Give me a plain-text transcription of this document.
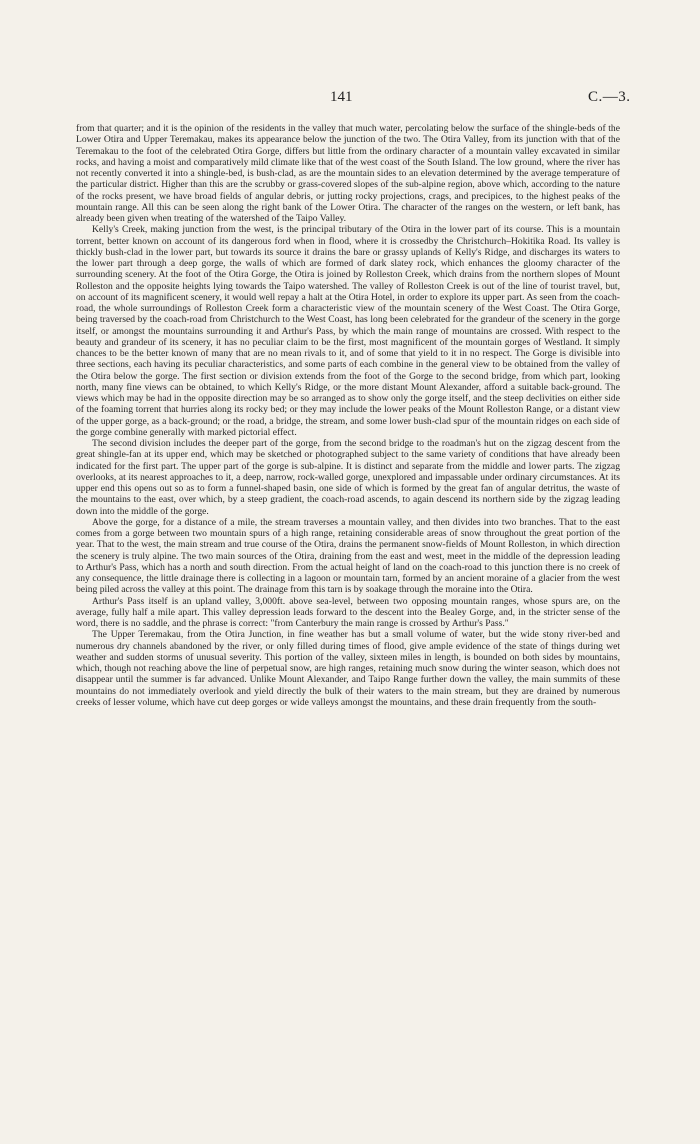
141	C.—3.

from that quarter; and it is the opinion of the residents in the valley that much water, percolating below the surface of the shingle-beds of the Lower Otira and Upper Teremakau, makes its appearance below the junction of the two. The Otira Valley, from its junction with that of the Teremakau to the foot of the celebrated Otira Gorge, differs but little from the ordinary character of a mountain valley excavated in similar rocks, and having a moist and comparatively mild climate like that of the west coast of the South Island. The low ground, where the river has not recently converted it into a shingle-bed, is bush-clad, as are the mountain sides to an elevation determined by the average temperature of the particular district. Higher than this are the scrubby or grass-covered slopes of the sub-alpine region, above which, according to the nature of the rocks present, we have broad fields of angular debris, or jutting rocky projections, crags, and precipices, to the highest peaks of the mountain range. All this can be seen along the right bank of the Lower Otira. The character of the ranges on the western, or left bank, has already been given when treating of the watershed of the Taipo Valley.

Kelly's Creek, making junction from the west, is the principal tributary of the Otira in the lower part of its course. This is a mountain torrent, better known on account of its dangerous ford when in flood, where it is crossedby the Christchurch–Hokitika Road. Its valley is thickly bush-clad in the lower part, but towards its source it drains the bare or grassy uplands of Kelly's Ridge, and discharges its waters to the lower part through a deep gorge, the walls of which are formed of dark slatey rock, which enhances the gloomy character of the surrounding scenery. At the foot of the Otira Gorge, the Otira is joined by Rolleston Creek, which drains from the northern slopes of Mount Rolleston and the opposite heights lying towards the Taipo watershed. The valley of Rolleston Creek is out of the line of tourist travel, but, on account of its magnificent scenery, it would well repay a halt at the Otira Hotel, in order to explore its upper part. As seen from the coach-road, the whole surroundings of Rolleston Creek form a characteristic view of the mountain scenery of the West Coast. The Otira Gorge, being traversed by the coach-road from Christchurch to the West Coast, has long been celebrated for the grandeur of the scenery in the gorge itself, or amongst the mountains surrounding it and Arthur's Pass, by which the main range of mountains are crossed. With respect to the beauty and grandeur of its scenery, it has no peculiar claim to be the first, most magnificent of the mountain gorges of Westland. It simply chances to be the better known of many that are no mean rivals to it, and of some that yield to it in no respect. The Gorge is divisible into three sections, each having its peculiar characteristics, and some parts of each combine in the general view to be obtained from the valley of the Otira below the gorge. The first section or division extends from the foot of the Gorge to the second bridge, from which part, looking north, many fine views can be obtained, to which Kelly's Ridge, or the more distant Mount Alexander, afford a suitable back-ground. The views which may be had in the opposite direction may be so arranged as to show only the gorge itself, and the steep declivities on either side of the foaming torrent that hurries along its rocky bed; or they may include the lower peaks of the Mount Rolleston Range, or a distant view of the upper gorge, as a back-ground; or the road, a bridge, the stream, and some lower bush-clad spur of the mountain ridges on each side of the gorge combine generally with marked pictorial effect.

The second division includes the deeper part of the gorge, from the second bridge to the roadman's hut on the zigzag descent from the great shingle-fan at its upper end, which may be sketched or photographed subject to the same variety of conditions that have already been indicated for the first part. The upper part of the gorge is sub-alpine. It is distinct and separate from the middle and lower parts. The zigzag overlooks, at its nearest approaches to it, a deep, narrow, rock-walled gorge, unexplored and impassable under ordinary circumstances. At its upper end this opens out so as to form a funnel-shaped basin, one side of which is formed by the great fan of angular detritus, the waste of the mountains to the east, over which, by a steep gradient, the coach-road ascends, to again descend its northern side by the zigzag leading down into the middle of the gorge.

Above the gorge, for a distance of a mile, the stream traverses a mountain valley, and then divides into two branches. That to the east comes from a gorge between two mountain spurs of a high range, retaining considerable areas of snow throughout the great portion of the year. That to the west, the main stream and true course of the Otira, drains the permanent snow-fields of Mount Rolleston, in which direction the scenery is truly alpine. The two main sources of the Otira, draining from the east and west, meet in the middle of the depression leading to Arthur's Pass, which has a north and south direction. From the actual height of land on the coach-road to this junction there is no creek of any consequence, the little drainage there is collecting in a lagoon or mountain tarn, formed by an ancient moraine of a glacier from the west being piled across the valley at this point. The drainage from this tarn is by soakage through the moraine into the Otira.

Arthur's Pass itself is an upland valley, 3,000ft. above sea-level, between two opposing mountain ranges, whose spurs are, on the average, fully half a mile apart. This valley depression leads forward to the descent into the Bealey Gorge, and, in the stricter sense of the word, there is no saddle, and the phrase is correct: "from Canterbury the main range is crossed by Arthur's Pass."

The Upper Teremakau, from the Otira Junction, in fine weather has but a small volume of water, but the wide stony river-bed and numerous dry channels abandoned by the river, or only filled during times of flood, give ample evidence of the state of things during wet weather and sudden storms of unusual severity. This portion of the valley, sixteen miles in length, is bounded on both sides by mountains, which, though not reaching above the line of perpetual snow, are high ranges, retaining much snow during the winter season, which does not disappear until the summer is far advanced. Unlike Mount Alexander, and Taipo Range further down the valley, the main summits of these mountains do not immediately overlook and yield directly the bulk of their waters to the main stream, but they are drained by numerous creeks of lesser volume, which have cut deep gorges or wide valleys amongst the mountains, and these drain frequently from the south-
